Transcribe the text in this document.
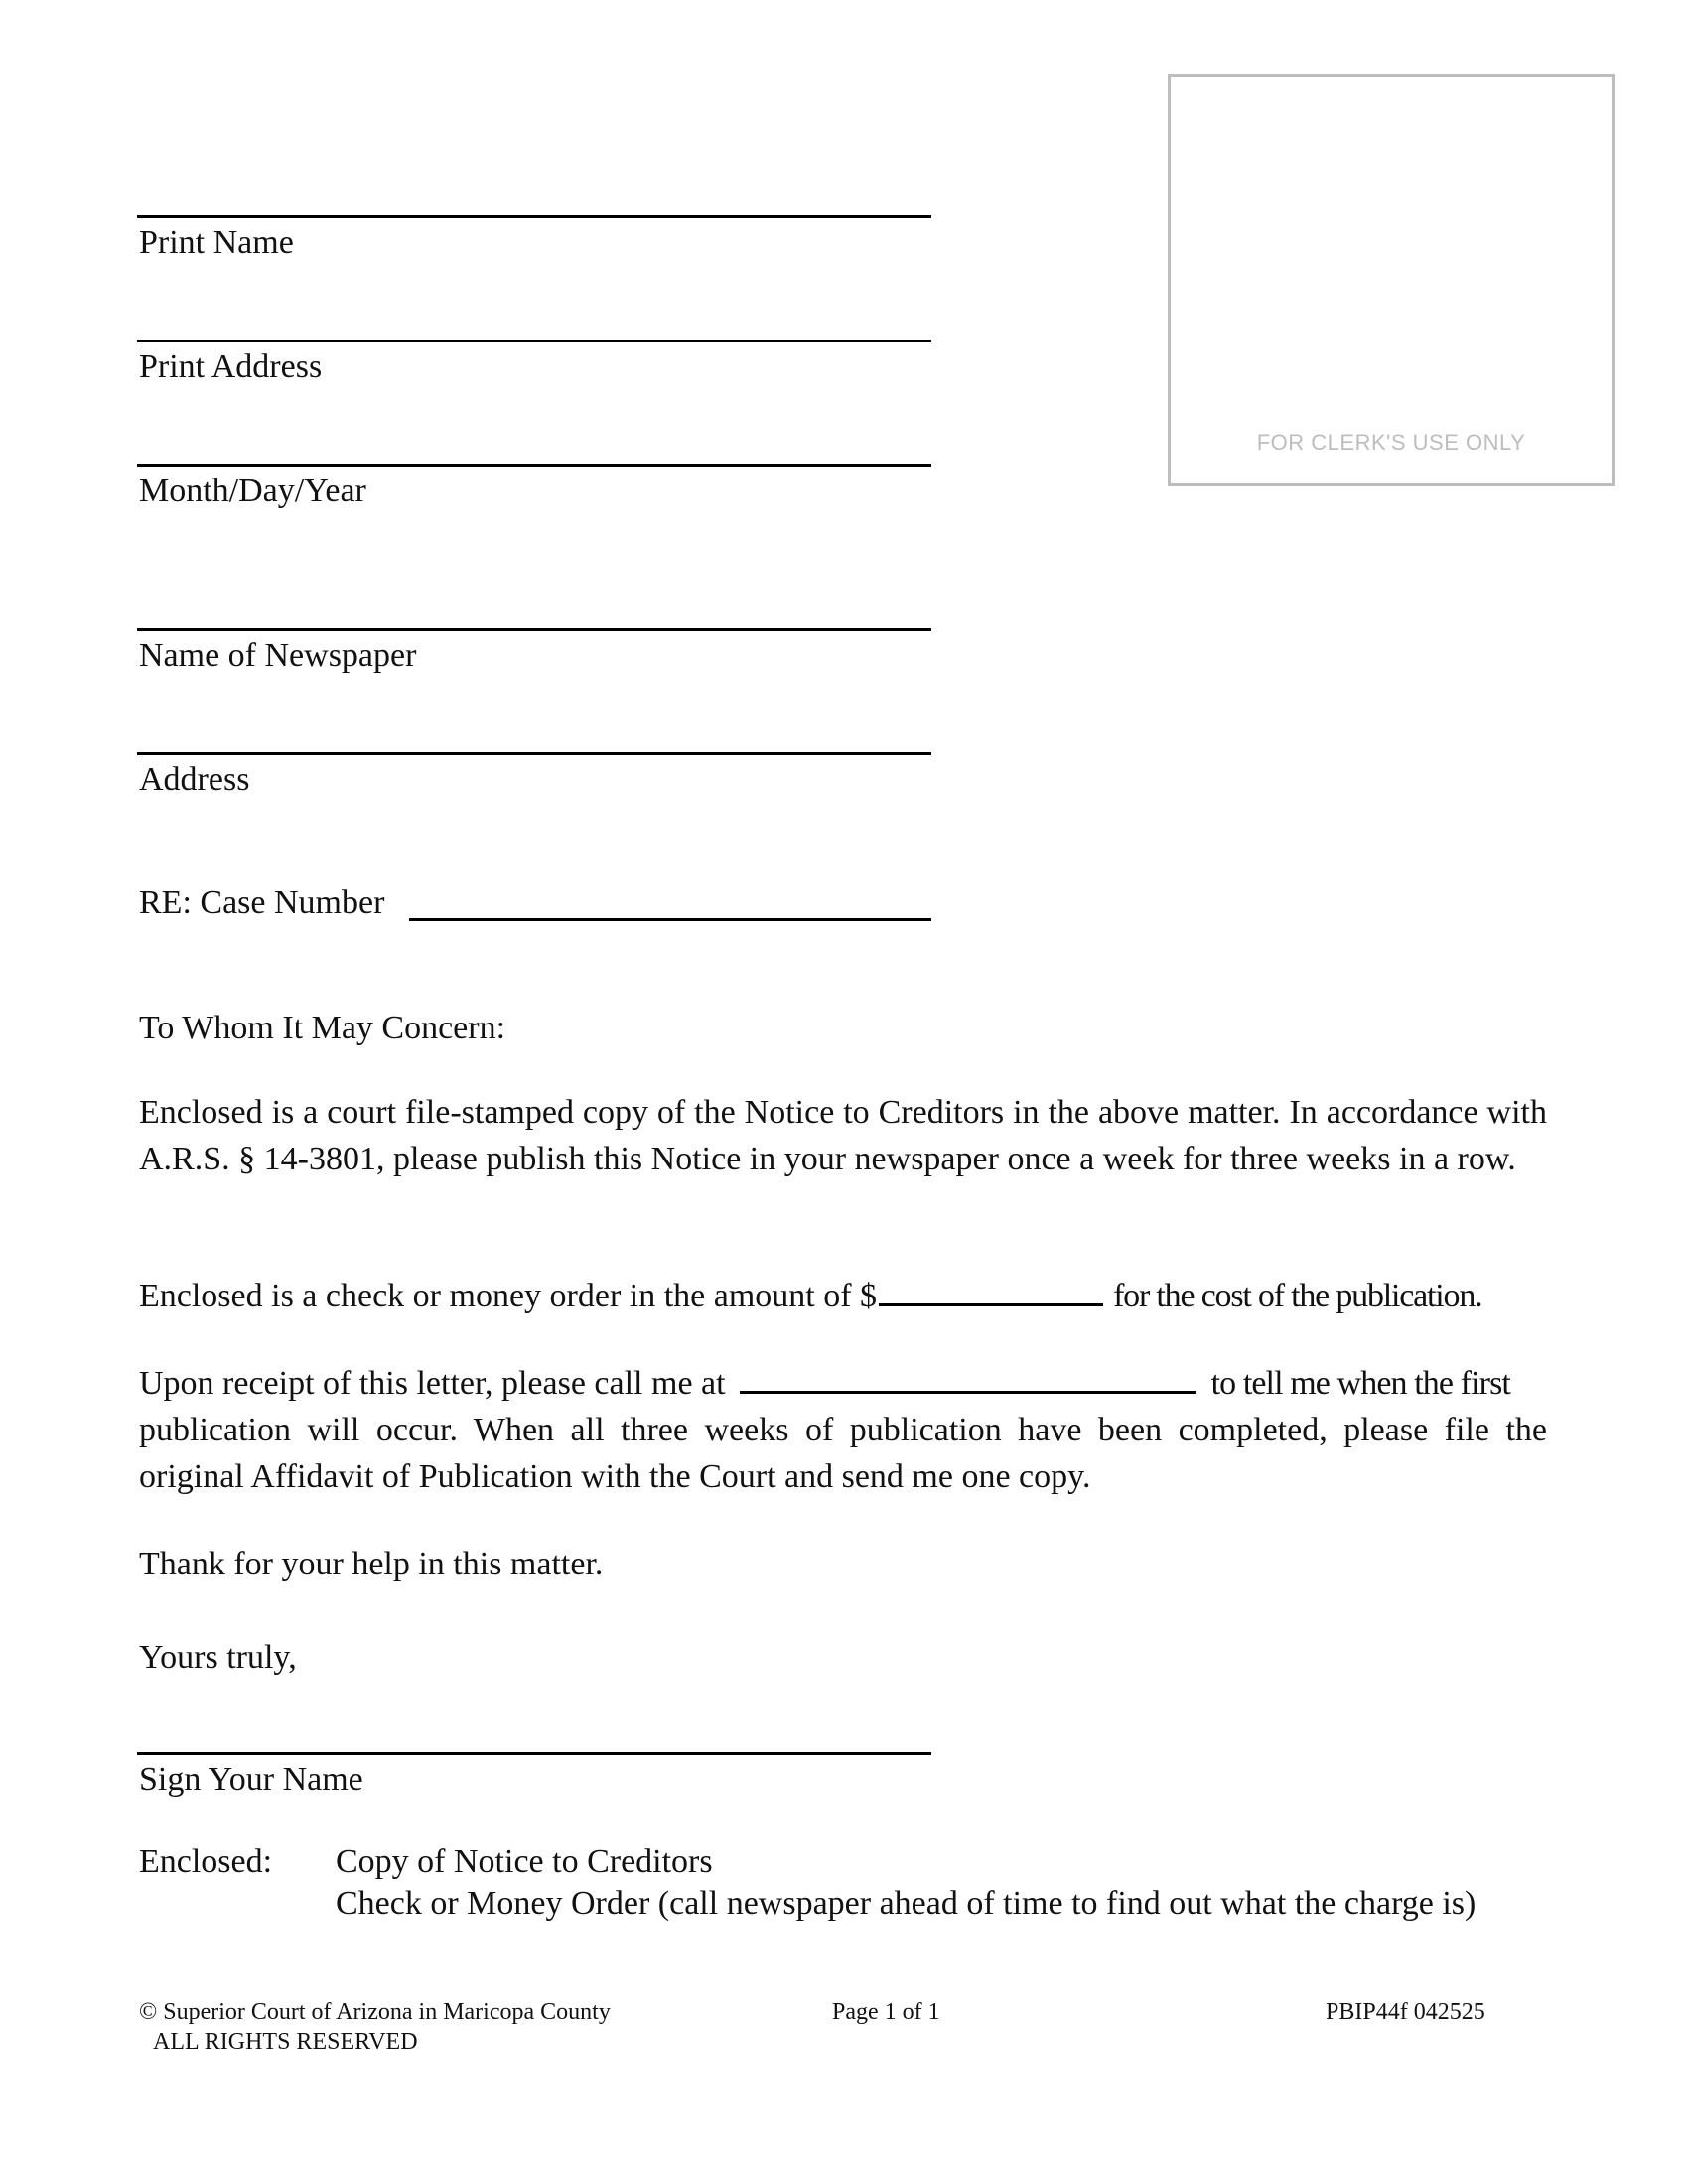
FOR CLERK'S USE ONLY
Print Name
Print Address
Month/Day/Year
Name of Newspaper
Address
RE: Case Number
To Whom It May Concern:
Enclosed is a court file-stamped copy of the Notice to Creditors in the above matter. In accordance with A.R.S. § 14-3801, please publish this Notice in your newspaper once a week for three weeks in a row.
Enclosed is a check or money order in the amount of $	for the cost of the publication.
Upon receipt of this letter, please call me at	to tell me when the first
publication will occur. When all three weeks of publication have been completed, please file the original Affidavit of Publication with the Court and send me one copy.
Thank for your help in this matter.
Yours truly,
Sign Your Name
Enclosed: Copy of Notice to Creditors
Check or Money Order (call newspaper ahead of time to find out what the charge is)
© Superior Court of Arizona in Maricopa County
ALL RIGHTS RESERVED
Page 1 of 1	PBIP44f 042525
